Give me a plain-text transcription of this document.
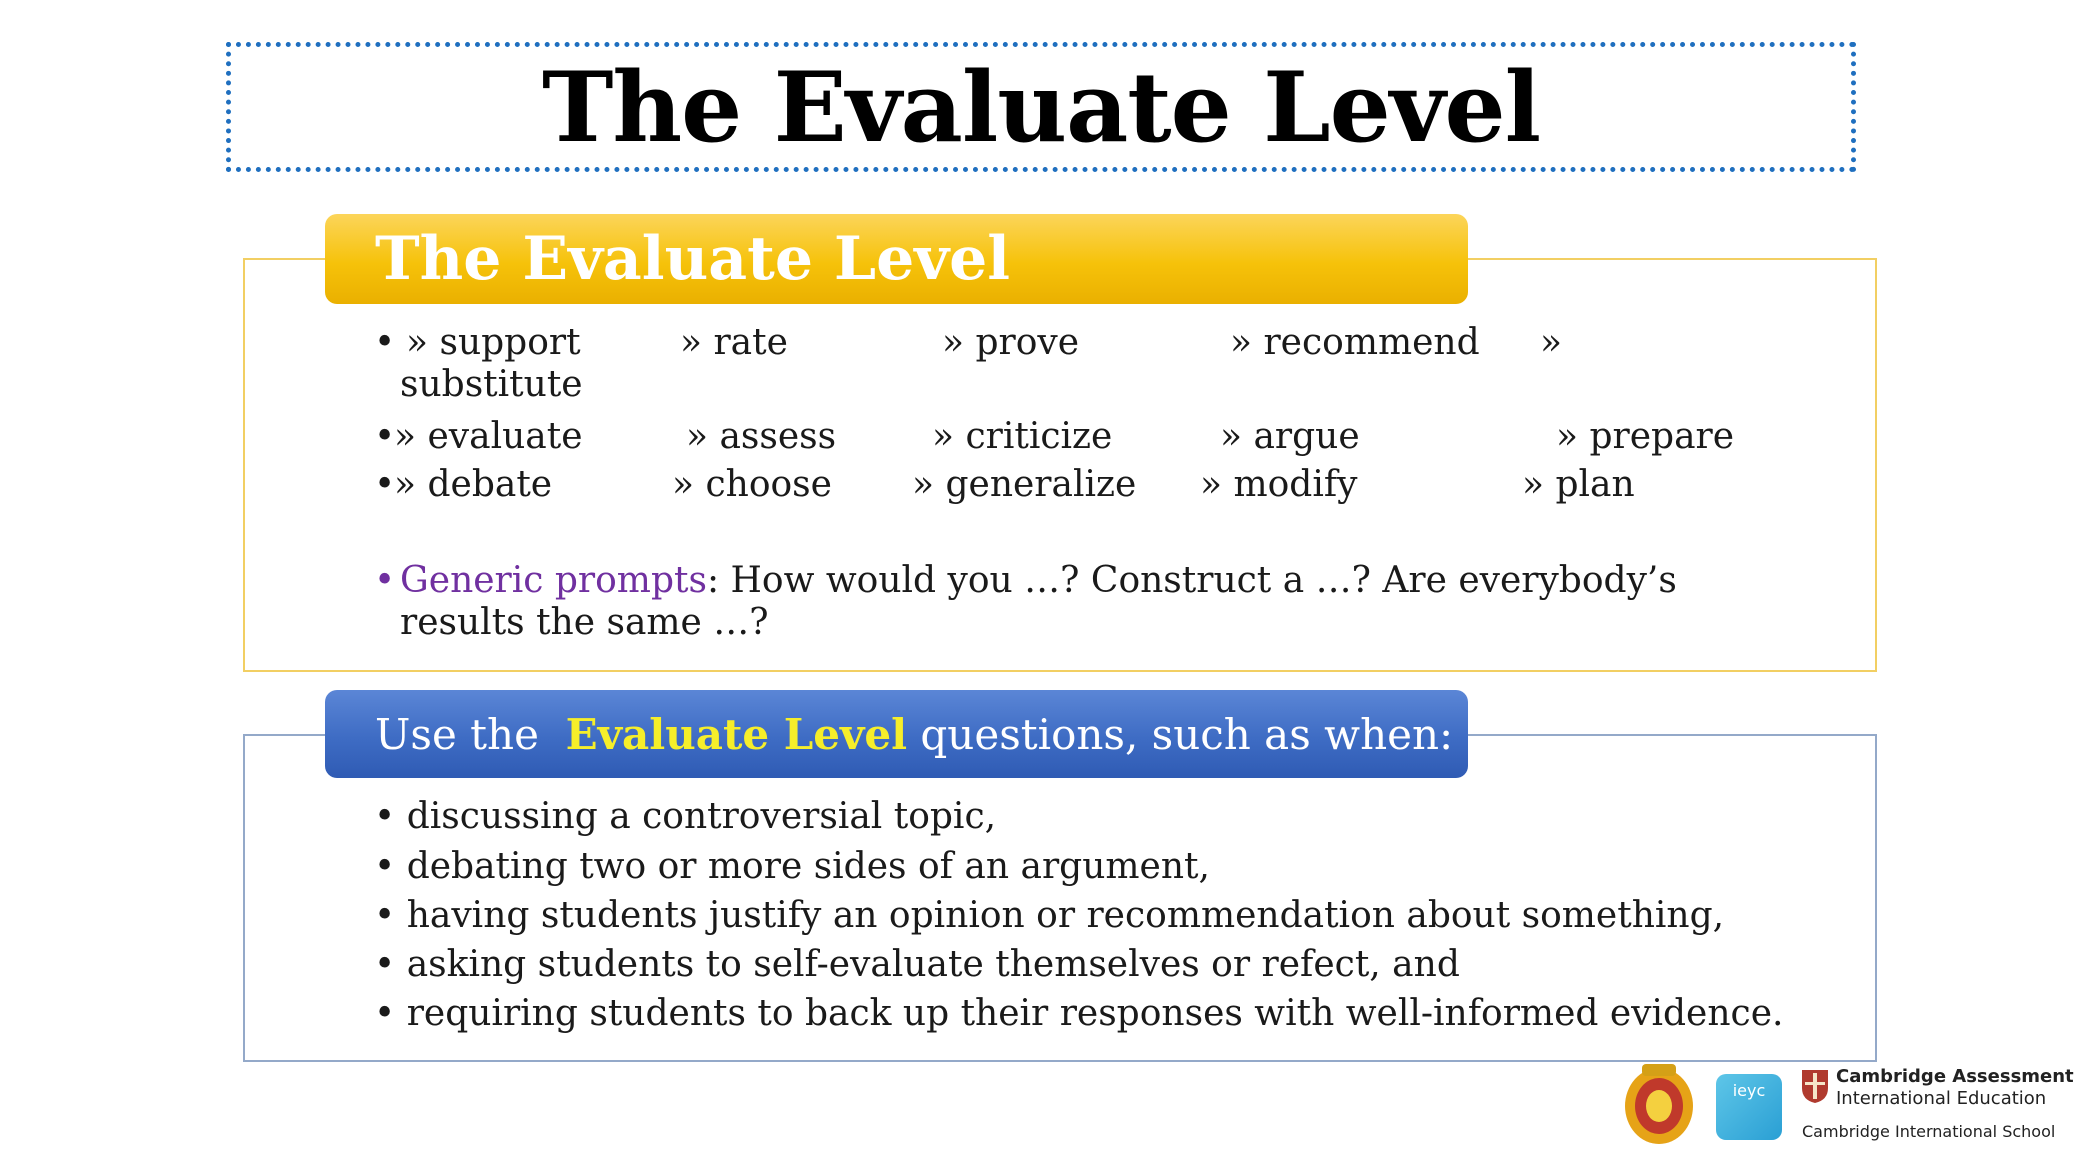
The Evaluate Level
The Evaluate Level
• » support	» rate	» prove	» recommend »
substitute
•
» evaluate	» assess	» criticize	» argue	» prepare
•
» debate	» choose » generalize » modify	» plan
• Generic prompts: How would you …? Construct a …? Are everybody’s
results the same …?
Use the Evaluate Level questions, such as when:
• discussing a controversial topic,
• debating two or more sides of an argument,
• having students justify an opinion or recommendation about something,
• asking students to self-evaluate themselves or refect, and
• requiring students to back up their responses with well-informed evidence.
ieyc
Cambridge Assessment
International Education
Cambridge International School
